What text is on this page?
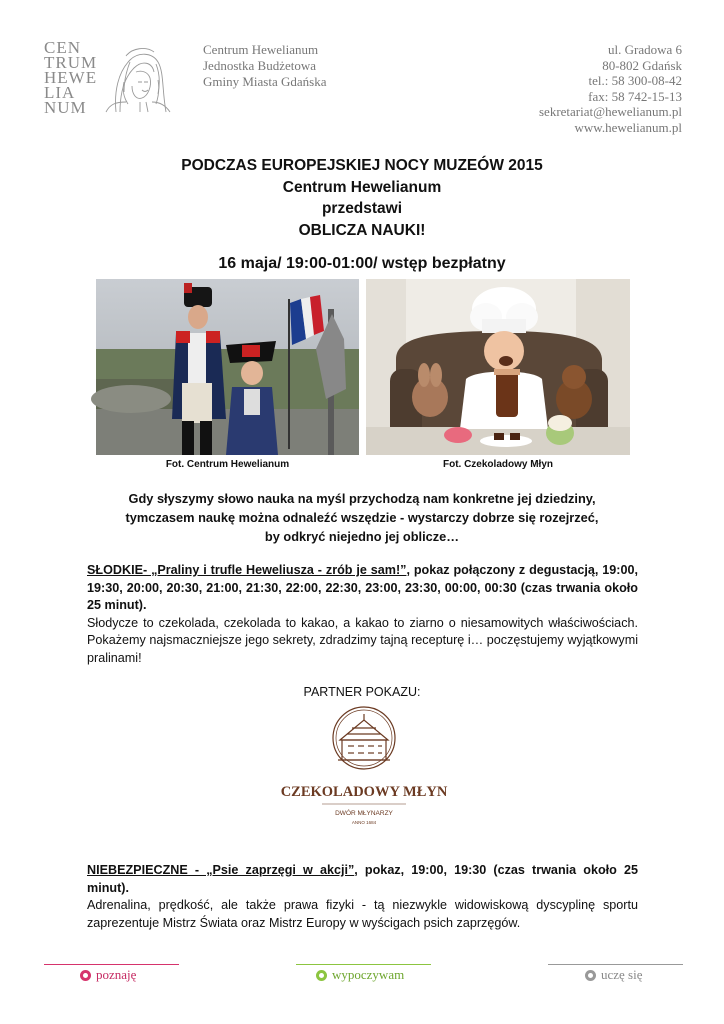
CEN
TRUM
HEWE
LIA
NUM
Centrum Hewelianum
Jednostka Budżetowa
Gminy Miasta Gdańska
ul. Gradowa 6
80-802 Gdańsk
tel.: 58 300-08-42
fax: 58 742-15-13
sekretariat@hewelianum.pl
www.hewelianum.pl
PODCZAS EUROPEJSKIEJ NOCY MUZEÓW 2015
Centrum Hewelianum
przedstawi
OBLICZA NAUKI!
16 maja/ 19:00-01:00/ wstęp bezpłatny
Fot. Centrum Hewelianum	Fot. Czekoladowy Młyn
Gdy słyszymy słowo nauka na myśl przychodzą nam konkretne jej dziedziny,
tymczasem naukę można odnaleźć wszędzie - wystarczy dobrze się rozejrzeć,
by odkryć niejedno jej oblicze…
SŁODKIE- „Praliny i trufle Heweliusza - zrób je sam!”, pokaz połączony z degustacją, 19:00, 19:30, 20:00, 20:30, 21:00, 21:30, 22:00, 22:30, 23:00, 23:30, 00:00, 00:30 (czas trwania około 25 minut).
Słodycze to czekolada, czekolada to kakao, a kakao to ziarno o niesamowitych właściwościach. Pokażemy najsmaczniejsze jego sekrety, zdradzimy tajną recepturę i… poczęstujemy wyjątkowymi pralinami!
PARTNER POKAZU:
CZEKOLADOWY MŁYN
DWÓR MŁYNARZY
ANNO 1684
NIEBEZPIECZNE - „Psie zaprzęgi w akcji”, pokaz, 19:00, 19:30 (czas trwania około 25 minut).
Adrenalina, prędkość, ale także prawa fizyki - tą niezwykle widowiskową dyscyplinę sportu zaprezentuje Mistrz Świata oraz Mistrz Europy w wyścigach psich zaprzęgów.
poznaję	wypoczywam	uczę się
